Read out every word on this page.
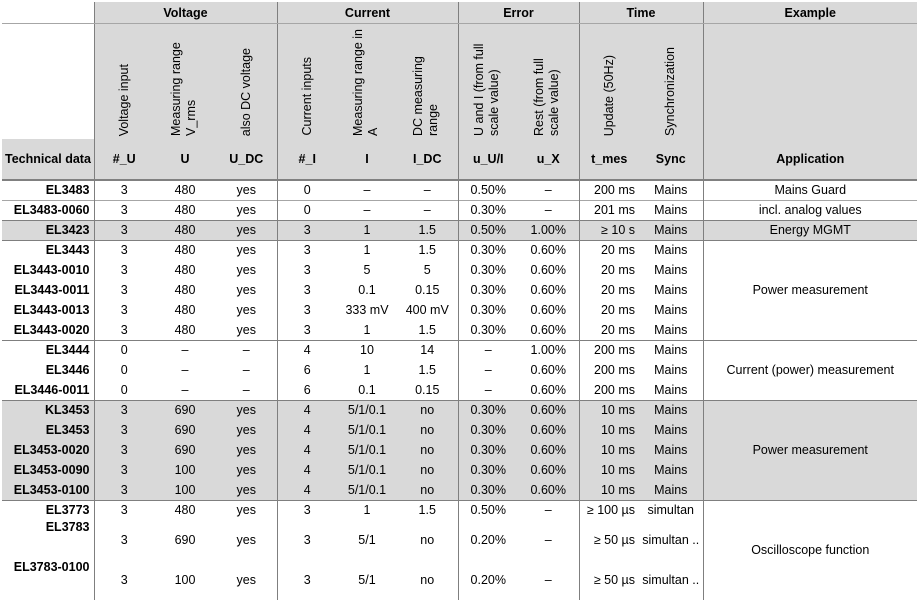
	Voltage			Current			Error		Time		Example

	Voltage input	Measuring range V_rms	also DC voltage	Current inputs	Measuring range in A	DC measuring range	U and I (from full scale value)	Rest (from full scale value)	Update (50Hz)	Synchronization	

Technical data	#_U	U	U_DC	#_I	I	I_DC	u_U/I	u_X	t_mes	Sync	Application
EL3483	3	480	yes	0	–	–	0.50%	–	200 ms	Mains	Mains Guard
EL3483-0060	3	480	yes	0	–	–	0.30%	–	201 ms	Mains	incl. analog values
EL3423	3	480	yes	3	1	1.5	0.50%	1.00%	≥ 10 s	Mains	Energy MGMT
EL3443	3	480	yes	3	1	1.5	0.30%	0.60%	20 ms	Mains	Power measurement
EL3443-0010	3	480	yes	3	5	5	0.30%	0.60%	20 ms	Mains	
EL3443-0011	3	480	yes	3	0.1	0.15	0.30%	0.60%	20 ms	Mains	
EL3443-0013	3	480	yes	3	333 mV	400 mV	0.30%	0.60%	20 ms	Mains	
EL3443-0020	3	480	yes	3	1	1.5	0.30%	0.60%	20 ms	Mains	
EL3444	0	–	–	4	10	14	–	1.00%	200 ms	Mains	Current (power) measurement
EL3446	0	–	–	6	1	1.5	–	0.60%	200 ms	Mains	
EL3446-0011	0	–	–	6	0.1	0.15	–	0.60%	200 ms	Mains	
KL3453	3	690	yes	4	5/1/0.1	no	0.30%	0.60%	10 ms	Mains	Power measurement
EL3453	3	690	yes	4	5/1/0.1	no	0.30%	0.60%	10 ms	Mains	
EL3453-0020	3	690	yes	4	5/1/0.1	no	0.30%	0.60%	10 ms	Mains	
EL3453-0090	3	100	yes	4	5/1/0.1	no	0.30%	0.60%	10 ms	Mains	
EL3453-0100	3	100	yes	4	5/1/0.1	no	0.30%	0.60%	10 ms	Mains	
EL3773	3	480	yes	3	1	1.5	0.50%	–	≥ 100 µs	simultan	Oscilloscope function
EL3783	3	690	yes	3	5/1	no	0.20%	–	≥ 50 µs	simultan ..	
EL3783-0100	3	100	yes	3	5/1	no	0.20%	–	≥ 50 µs	simultan ..	
